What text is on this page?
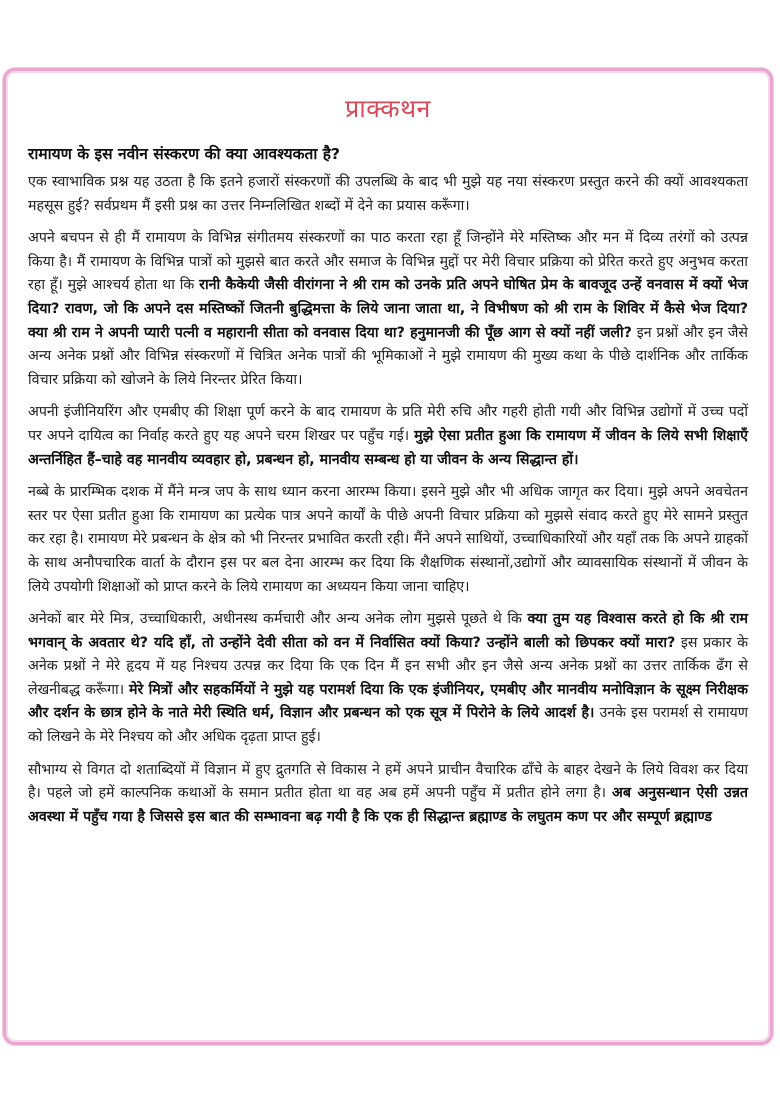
प्राक्कथन
रामायण के इस नवीन संस्करण की क्या आवश्यकता है?

एक स्वाभाविक प्रश्न यह उठता है कि इतने हजारों संस्करणों की उपलब्धि के बाद भी मुझे यह नया संस्करण प्रस्तुत करने की क्यों आवश्यकता महसूस हुई? सर्वप्रथम मैं इसी प्रश्न का उत्तर निम्नलिखित शब्दों में देने का प्रयास करूँगा।

अपने बचपन से ही मैं रामायण के विभिन्न संगीतमय संस्करणों का पाठ करता रहा हूँ जिन्होंने मेरे मस्तिष्क और मन में दिव्य तरंगों को उत्पन्न किया है। मैं रामायण के विभिन्न पात्रों को मुझसे बात करते और समाज के विभिन्न मुद्दों पर मेरी विचार प्रक्रिया को प्रेरित करते हुए अनुभव करता रहा हूँ। मुझे आश्चर्य होता था कि रानी कैकेयी जैसी वीरांगना ने श्री राम को उनके प्रति अपने घोषित प्रेम के बावजूद उन्हें वनवास में क्यों भेज दिया? रावण, जो कि अपने दस मस्तिष्कों जितनी बुद्धिमत्ता के लिये जाना जाता था, ने विभीषण को श्री राम के शिविर में कैसे भेज दिया? क्या श्री राम ने अपनी प्यारी पत्नी व महारानी सीता को वनवास दिया था? हनुमानजी की पूँछ आग से क्यों नहीं जली? इन प्रश्नों और इन जैसे अन्य अनेक प्रश्नों और विभिन्न संस्करणों में चित्रित अनेक पात्रों की भूमिकाओं ने मुझे रामायण की मुख्य कथा के पीछे दार्शनिक और तार्किक विचार प्रक्रिया को खोजने के लिये निरन्तर प्रेरित किया।

अपनी इंजीनियरिंग और एमबीए की शिक्षा पूर्ण करने के बाद रामायण के प्रति मेरी रुचि और गहरी होती गयी और विभिन्न उद्योगों में उच्च पदों पर अपने दायित्व का निर्वाह करते हुए यह अपने चरम शिखर पर पहुँच गई। मुझे ऐसा प्रतीत हुआ कि रामायण में जीवन के लिये सभी शिक्षाएँ अन्तर्निहित हैं–चाहे वह मानवीय व्यवहार हो, प्रबन्धन हो, मानवीय सम्बन्ध हो या जीवन के अन्य सिद्धान्त हों।

नब्बे के प्रारम्भिक दशक में मैंने मन्त्र जप के साथ ध्यान करना आरम्भ किया। इसने मुझे और भी अधिक जागृत कर दिया। मुझे अपने अवचेतन स्तर पर ऐसा प्रतीत हुआ कि रामायण का प्रत्येक पात्र अपने कार्यों के पीछे अपनी विचार प्रक्रिया को मुझसे संवाद करते हुए मेरे सामने प्रस्तुत कर रहा है। रामायण मेरे प्रबन्धन के क्षेत्र को भी निरन्तर प्रभावित करती रही। मैंने अपने साथियों, उच्चाधिकारियों और यहाँ तक कि अपने ग्राहकों के साथ अनौपचारिक वार्ता के दौरान इस पर बल देना आरम्भ कर दिया कि शैक्षणिक संस्थानों,उद्योगों और व्यावसायिक संस्थानों में जीवन के लिये उपयोगी शिक्षाओं को प्राप्त करने के लिये रामायण का अध्ययन किया जाना चाहिए।

अनेकों बार मेरे मित्र, उच्चाधिकारी, अधीनस्थ कर्मचारी और अन्य अनेक लोग मुझसे पूछते थे कि क्या तुम यह विश्वास करते हो कि श्री राम भगवान् के अवतार थे? यदि हाँ, तो उन्होंने देवी सीता को वन में निर्वासित क्यों किया? उन्होंने बाली को छिपकर क्यों मारा? इस प्रकार के अनेक प्रश्नों ने मेरे हृदय में यह निश्चय उत्पन्न कर दिया कि एक दिन मैं इन सभी और इन जैसे अन्य अनेक प्रश्नों का उत्तर तार्किक ढँग से लेखनीबद्ध करूँगा। मेरे मित्रों और सहकर्मियों ने मुझे यह परामर्श दिया कि एक इंजीनियर, एमबीए और मानवीय मनोविज्ञान के सूक्ष्म निरीक्षक और दर्शन के छात्र होने के नाते मेरी स्थिति धर्म, विज्ञान और प्रबन्धन को एक सूत्र में पिरोने के लिये आदर्श है। उनके इस परामर्श से रामायण को लिखने के मेरे निश्चय को और अधिक दृढ़ता प्राप्त हुई।

सौभाग्य से विगत दो शताब्दियों में विज्ञान में हुए द्रुतगति से विकास ने हमें अपने प्राचीन वैचारिक ढाँचे के बाहर देखने के लिये विवश कर दिया है। पहले जो हमें काल्पनिक कथाओं के समान प्रतीत होता था वह अब हमें अपनी पहुँच में प्रतीत होने लगा है। अब अनुसन्धान ऐसी उन्नत अवस्था में पहुँच गया है जिससे इस बात की सम्भावना बढ़ गयी है कि एक ही सिद्धान्त ब्रह्माण्ड के लघुतम कण पर और सम्पूर्ण ब्रह्माण्ड
